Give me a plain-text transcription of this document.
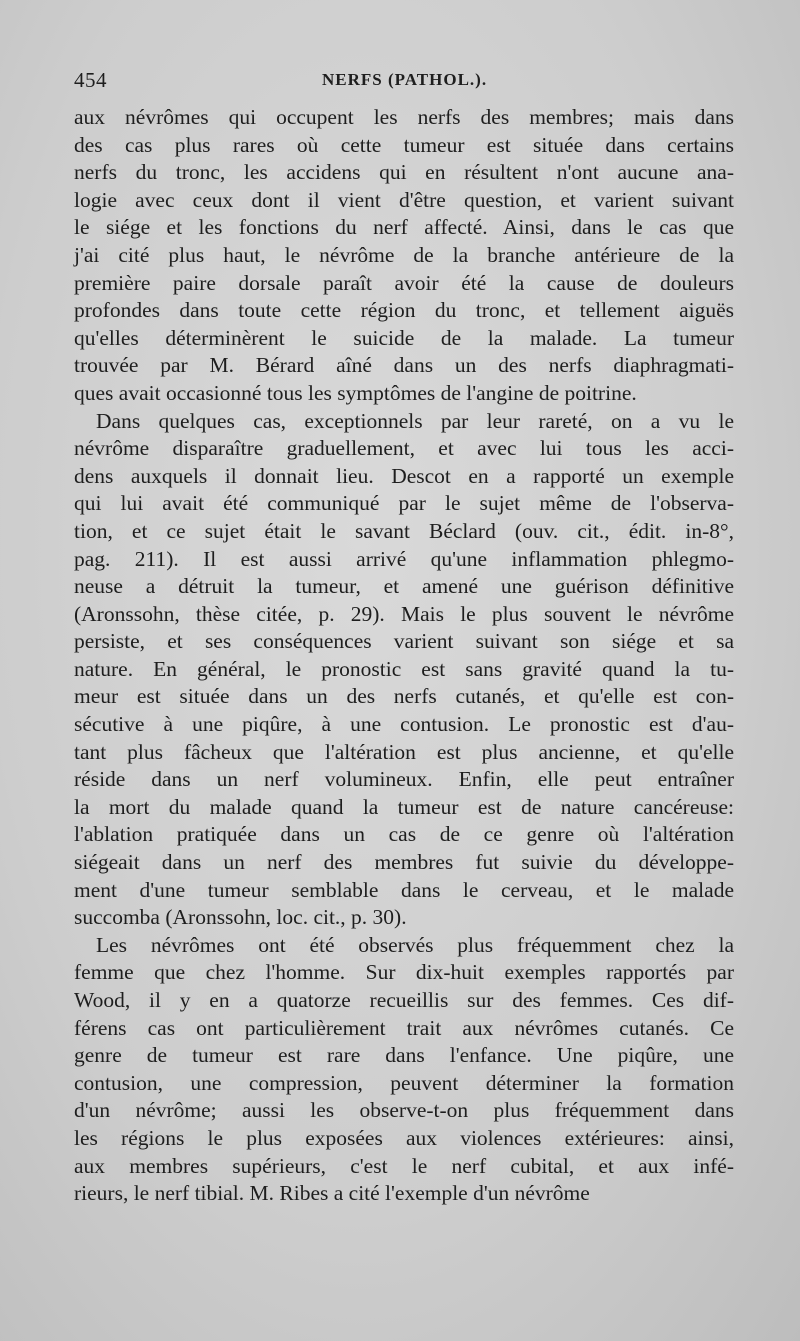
454	NERFS (PATHOL.).
aux névrômes qui occupent les nerfs des membres; mais dans
des cas plus rares où cette tumeur est située dans certains
nerfs du tronc, les accidens qui en résultent n'ont aucune ana-
logie avec ceux dont il vient d'être question, et varient suivant
le siége et les fonctions du nerf affecté. Ainsi, dans le cas que
j'ai cité plus haut, le névrôme de la branche antérieure de la
première paire dorsale paraît avoir été la cause de douleurs
profondes dans toute cette région du tronc, et tellement aiguës
qu'elles déterminèrent le suicide de la malade. La tumeur
trouvée par M. Bérard aîné dans un des nerfs diaphragmati-
ques avait occasionné tous les symptômes de l'angine de poitrine.
Dans quelques cas, exceptionnels par leur rareté, on a vu le
névrôme disparaître graduellement, et avec lui tous les acci-
dens auxquels il donnait lieu. Descot en a rapporté un exemple
qui lui avait été communiqué par le sujet même de l'observa-
tion, et ce sujet était le savant Béclard (ouv. cit., édit. in-8°,
pag. 211). Il est aussi arrivé qu'une inflammation phlegmo-
neuse a détruit la tumeur, et amené une guérison définitive
(Aronssohn, thèse citée, p. 29). Mais le plus souvent le névrôme
persiste, et ses conséquences varient suivant son siége et sa
nature. En général, le pronostic est sans gravité quand la tu-
meur est située dans un des nerfs cutanés, et qu'elle est con-
sécutive à une piqûre, à une contusion. Le pronostic est d'au-
tant plus fâcheux que l'altération est plus ancienne, et qu'elle
réside dans un nerf volumineux. Enfin, elle peut entraîner
la mort du malade quand la tumeur est de nature cancéreuse:
l'ablation pratiquée dans un cas de ce genre où l'altération
siégeait dans un nerf des membres fut suivie du développe-
ment d'une tumeur semblable dans le cerveau, et le malade
succomba (Aronssohn, loc. cit., p. 30).
Les névrômes ont été observés plus fréquemment chez la
femme que chez l'homme. Sur dix-huit exemples rapportés par
Wood, il y en a quatorze recueillis sur des femmes. Ces dif-
férens cas ont particulièrement trait aux névrômes cutanés. Ce
genre de tumeur est rare dans l'enfance. Une piqûre, une
contusion, une compression, peuvent déterminer la formation
d'un névrôme; aussi les observe-t-on plus fréquemment dans
les régions le plus exposées aux violences extérieures: ainsi,
aux membres supérieurs, c'est le nerf cubital, et aux infé-
rieurs, le nerf tibial. M. Ribes a cité l'exemple d'un névrôme
